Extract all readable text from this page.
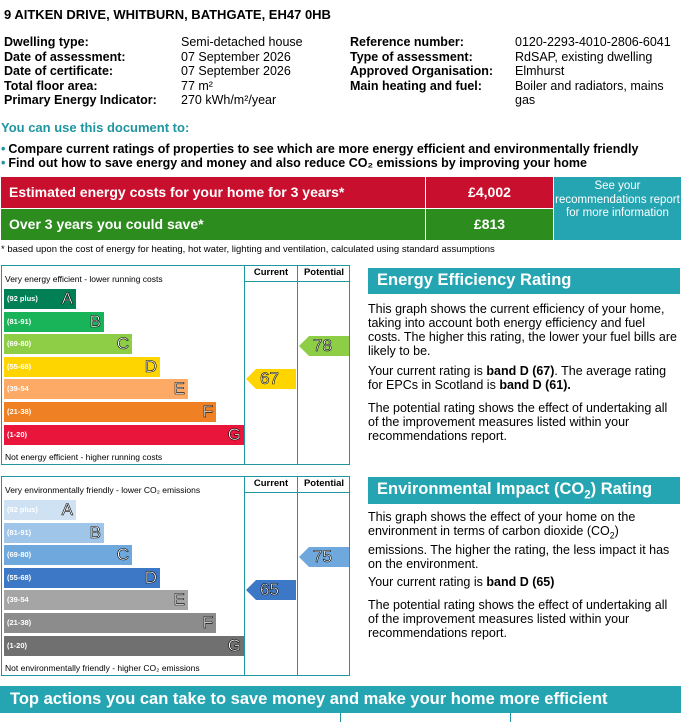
9 AITKEN DRIVE, WHITBURN, BATHGATE, EH47 0HB
Dwelling type:	Semi-detached house
Date of assessment:	07 September 2026
Date of certificate:	07 September 2026
Total floor area:	77 m²
Primary Energy Indicator:	270 kWh/m²/year
Reference number:	0120-2293-4010-2806-6041
Type of assessment:	RdSAP, existing dwelling
Approved Organisation:	Elmhurst
Main heating and fuel:	Boiler and radiators, mains gas
You can use this document to:
• Compare current ratings of properties to see which are more energy efficient and environmentally friendly
• Find out how to save energy and money and also reduce CO₂ emissions by improving your home
Estimated energy costs for your home for 3 years*	£4,002
Over 3 years you could save*	£813
See your recommendations report for more information
* based upon the cost of energy for heating, hot water, lighting and ventilation, calculated using standard assumptions
Current	Potential
Very energy efficient - lower running costs
Not energy efficient - higher running costs
(92 plus) A
(81-91)	B
(69-80)	C
(55-68)	D
(39-54	E
(21-38)	F
(1-20)	G
67
78
Current	Potential
Very environmentally friendly - lower CO₂ emissions
Not environmentally friendly - higher CO₂ emissions
(92 plus) A
(81-91)	B
(69-80)	C
(55-68)	D
(39-54	E
(21-38)	F
(1-20)	G
65
75
Energy Efficiency Rating
This graph shows the current efficiency of your home, taking into account both energy efficiency and fuel costs. The higher this rating, the lower your fuel bills are likely to be.
Your current rating is band D (67). The average rating for EPCs in Scotland is band D (61).
The potential rating shows the effect of undertaking all of the improvement measures listed within your recommendations report.
Environmental Impact $(CO_2)$ Rating
This graph shows the effect of your home on the environment in terms of carbon dioxide $(CO_2)$ emissions. The higher the rating, the less impact it has on the environment.
Your current rating is band D (65)
The potential rating shows the effect of undertaking all of the improvement measures listed within your recommendations report.
Top actions you can take to save money and make your home more efficient
